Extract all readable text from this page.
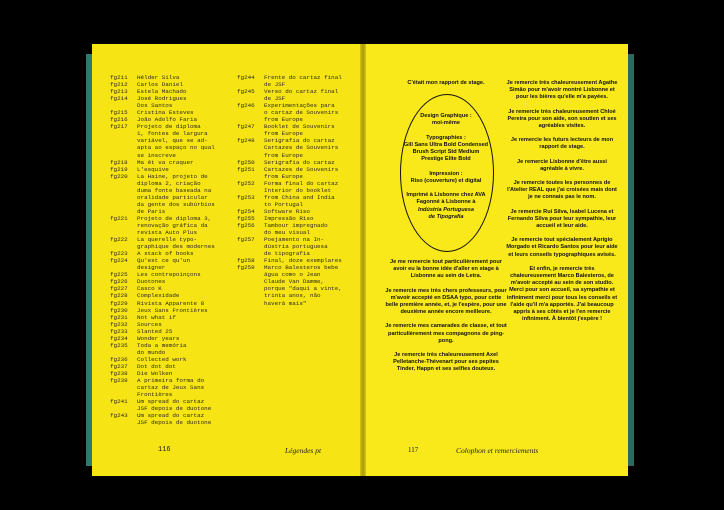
fg211 Hélder Silva
fg212 Carlos Daniel
fg213 Estela Machado
fg214 José Rodrigues
Dos Santos
fg215 Cristina Esteves
fg216 João Adolfo Faria
fg217 Projeto de diploma
1, fontes de largura
variável, que se ad-
apta ao espaço no qual
se inscreve
fg218 Ma ét va craquer
fg219 L'esquive
fg220 La Haine, projeto de
diploma 2, criação
duma fonte baseada na
oralidade particular
da gente dos subúrbios
de Paris
fg221 Projeto de diploma 3,
renovação gráfica da
revista Auto Plus
fg222 La querelle typo-
graphique des modernes
fg223 A stack of books
fg224 Qu'est ce qu'un
designer
fg225 Les contrepoinçons
fg226 Duotones
fg227 Casco K
fg228 Complexidade
fg229 Rivista Apparente 8
fg230 Jeux Sans Frontières
fg231 Not what if
fg232 Sources
fg233 Slanted 25
fg234 Wonder years
fg235 Toda a memória
do mundo
fg236 Collected work
fg237 Dot dot dot
fg238 Die Wolken
fg239 A primeira forma do
cartaz de Jeux Sans
Frontières
fg241 Um spread do cartaz
JSF depois de duotone
fg243 Um spread do cartaz
JSF depois de duotone
fg244 Frente do cartaz final
de JSF
fg245 Verso do cartaz final
de JSF
fg246 Experimentações para
o cartaz de Souvenirs
from Europe
fg247 Booklet de Souvenirs
from Europe
fg248 Serigrafia do cartaz
Cartazes de Souvenirs
from Europe
fg250 Serigrafia do cartaz
fg251 Cartazes de Souvenirs
from Europe
fg252 Forma final do cartaz
Interior do booklet
fg253 from China and India
to Portugal
fg254 Software Riso
fg255 Impressão Riso
fg256 Tambour impregnado
do meu visual
fg257 Poejamento na In-
dústria portuguesa
de tipografia
fg258 Final, doze exemplares
fg259 Marco Balesteros bebe
água como o Jean
Claude Van Damme,
porque "daqui a vinte,
trinta anos, não
haverá mais"
116	Légendes pt
C'était mon rapport de stage.
Design Graphique :
moi-même
Typographies :
Gill Sans Ultra Bold Condensed
Brush Script Std Medium
Prestige Elite Bold
Impression :
Riso (couverture) et digital
Imprimé à Lisbonne chez AVA
Fagonné à Lisbonne à
Indústria Portuguesa
de Tipografia
Je me remercie tout particulièrement pour avoir eu la bonne idée d'aller en stage à Lisbonne au sein de Letra.
Je remercie mes très chers professeurs, pour m'avoir accepté en DSAA typo, pour cette belle première année, et, je l'espère, pour une deuxième année encore meilleure.
Je remercie mes camarades de classe, et tout particulièrement mes compagnons de ping-pong.
Je remercie très chaleureusement Axel Pelletanche-Thévenart pour ses pepites Tinder, Happn et ses selfies douteux.
Je remercie très chaleureusement Agathe Simão pour m'avoir montré Lisbonne et pour les bières qu'elle m'a payées.
Je remercie très chaleureusement Chloé Pereira pour son aide, son soutien et ses agréables visites.
Je remercie les futurs lecteurs de mon rapport de stage.
Je remercie Lisbonne d'être aussi agréable à vivre.
Je remercie toutes les personnes de l'Atelier REAL que j'ai croisées mais dont je ne connais pas le nom.
Je remercie Rui Silva, Isabel Lucena et Fernando Silva pour leur sympathie, leur accueil et leur aide.
Je remercie tout spécialement Aprígio Morgado et Ricardo Santos pour leur aide et leurs conseils typographiques avisés.
Et enfin, je remercie très chaleureusement Marco Balesteros, de m'avoir accepté au sein de son studio. Merci pour son accueil, sa sympathie et infiniment merci pour tous les conseils et l'aide qu'il m'a apportés. J'ai beaucoup appris à ses côtés et je l'en remercie infiniment. À bientôt j'espère !
117	Colophon et remerciements
